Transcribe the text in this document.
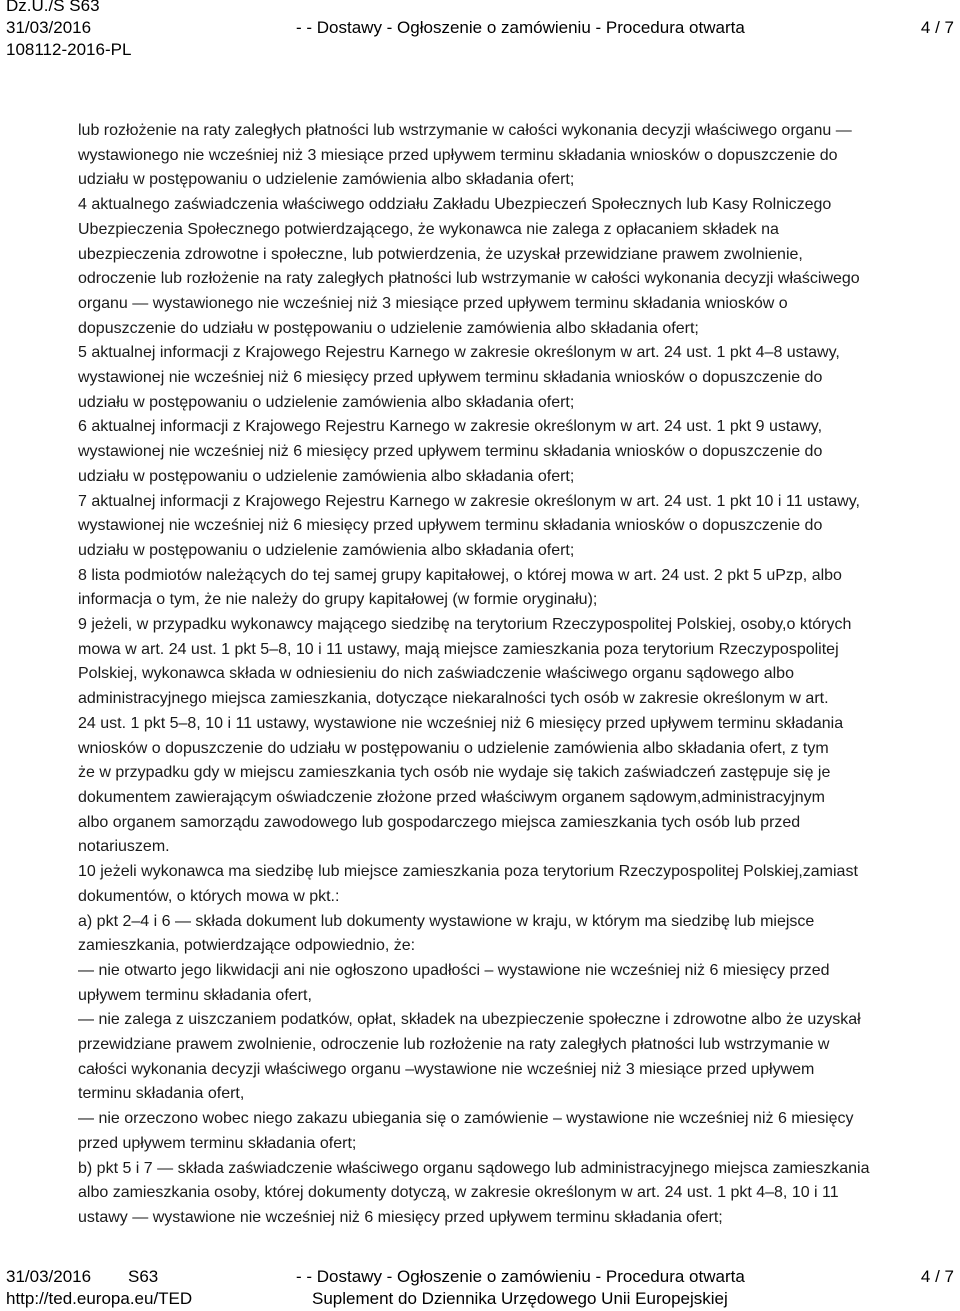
Dz.U./S S63
31/03/2016	- - Dostawy - Ogłoszenie o zamówieniu - Procedura otwarta	4 / 7
108112-2016-PL
lub rozłożenie na raty zaległych płatności lub wstrzymanie w całości wykonania decyzji właściwego organu —
wystawionego nie wcześniej niż 3 miesiące przed upływem terminu składania wniosków o dopuszczenie do
udziału w postępowaniu o udzielenie zamówienia albo składania ofert;
4 aktualnego zaświadczenia właściwego oddziału Zakładu Ubezpieczeń Społecznych lub Kasy Rolniczego
Ubezpieczenia Społecznego potwierdzającego, że wykonawca nie zalega z opłacaniem składek na
ubezpieczenia zdrowotne i społeczne, lub potwierdzenia, że uzyskał przewidziane prawem zwolnienie,
odroczenie lub rozłożenie na raty zaległych płatności lub wstrzymanie w całości wykonania decyzji właściwego
organu — wystawionego nie wcześniej niż 3 miesiące przed upływem terminu składania wniosków o
dopuszczenie do udziału w postępowaniu o udzielenie zamówienia albo składania ofert;
5 aktualnej informacji z Krajowego Rejestru Karnego w zakresie określonym w art. 24 ust. 1 pkt 4–8 ustawy,
wystawionej nie wcześniej niż 6 miesięcy przed upływem terminu składania wniosków o dopuszczenie do
udziału w postępowaniu o udzielenie zamówienia albo składania ofert;
6 aktualnej informacji z Krajowego Rejestru Karnego w zakresie określonym w art. 24 ust. 1 pkt 9 ustawy,
wystawionej nie wcześniej niż 6 miesięcy przed upływem terminu składania wniosków o dopuszczenie do
udziału w postępowaniu o udzielenie zamówienia albo składania ofert;
7 aktualnej informacji z Krajowego Rejestru Karnego w zakresie określonym w art. 24 ust. 1 pkt 10 i 11 ustawy,
wystawionej nie wcześniej niż 6 miesięcy przed upływem terminu składania wniosków o dopuszczenie do
udziału w postępowaniu o udzielenie zamówienia albo składania ofert;
8 lista podmiotów należących do tej samej grupy kapitałowej, o której mowa w art. 24 ust. 2 pkt 5 uPzp, albo
informacja o tym, że nie należy do grupy kapitałowej (w formie oryginału);
9 jeżeli, w przypadku wykonawcy mającego siedzibę na terytorium Rzeczypospolitej Polskiej, osoby,o których
mowa w art. 24 ust. 1 pkt 5–8, 10 i 11 ustawy, mają miejsce zamieszkania poza terytorium Rzeczypospolitej
Polskiej, wykonawca składa w odniesieniu do nich zaświadczenie właściwego organu sądowego albo
administracyjnego miejsca zamieszkania, dotyczące niekaralności tych osób w zakresie określonym w art.
24 ust. 1 pkt 5–8, 10 i 11 ustawy, wystawione nie wcześniej niż 6 miesięcy przed upływem terminu składania
wniosków o dopuszczenie do udziału w postępowaniu o udzielenie zamówienia albo składania ofert, z tym
że w przypadku gdy w miejscu zamieszkania tych osób nie wydaje się takich zaświadczeń zastępuje się je
dokumentem zawierającym oświadczenie złożone przed właściwym organem sądowym,administracyjnym
albo organem samorządu zawodowego lub gospodarczego miejsca zamieszkania tych osób lub przed
notariuszem.
10 jeżeli wykonawca ma siedzibę lub miejsce zamieszkania poza terytorium Rzeczypospolitej Polskiej,zamiast
dokumentów, o których mowa w pkt.:
a) pkt 2–4 i 6 — składa dokument lub dokumenty wystawione w kraju, w którym ma siedzibę lub miejsce
zamieszkania, potwierdzające odpowiednio, że:
— nie otwarto jego likwidacji ani nie ogłoszono upadłości – wystawione nie wcześniej niż 6 miesięcy przed
upływem terminu składania ofert,
— nie zalega z uiszczaniem podatków, opłat, składek na ubezpieczenie społeczne i zdrowotne albo że uzyskał
przewidziane prawem zwolnienie, odroczenie lub rozłożenie na raty zaległych płatności lub wstrzymanie w
całości wykonania decyzji właściwego organu –wystawione nie wcześniej niż 3 miesiące przed upływem
terminu składania ofert,
— nie orzeczono wobec niego zakazu ubiegania się o zamówienie – wystawione nie wcześniej niż 6 miesięcy
przed upływem terminu składania ofert;
b) pkt 5 i 7 — składa zaświadczenie właściwego organu sądowego lub administracyjnego miejsca zamieszkania
albo zamieszkania osoby, której dokumenty dotyczą, w zakresie określonym w art. 24 ust. 1 pkt 4–8, 10 i 11
ustawy — wystawione nie wcześniej niż 6 miesięcy przed upływem terminu składania ofert;
31/03/2016 S63	- - Dostawy - Ogłoszenie o zamówieniu - Procedura otwarta	4 / 7
http://ted.europa.eu/TED	Suplement do Dziennika Urzędowego Unii Europejskiej
